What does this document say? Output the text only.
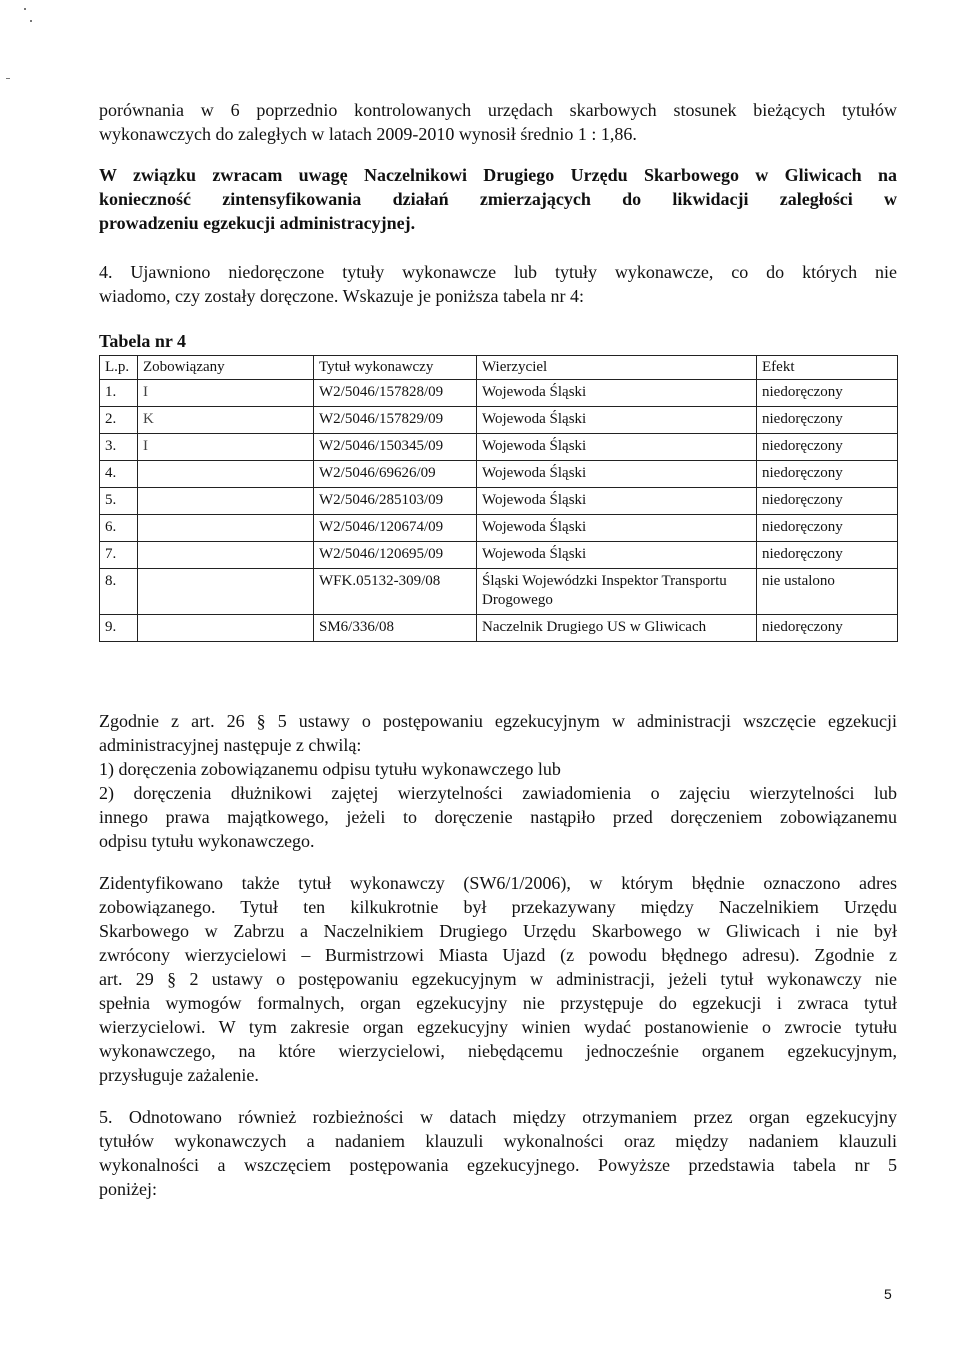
porównania w 6 poprzednio kontrolowanych urzędach skarbowych stosunek bieżących tytułów
wykonawczych do zaległych w latach 2009-2010 wynosił średnio 1 : 1,86.
W związku zwracam uwagę Naczelnikowi Drugiego Urzędu Skarbowego w Gliwicach na
konieczność zintensyfikowania działań zmierzających do likwidacji zaległości w
prowadzeniu egzekucji administracyjnej.
4. Ujawniono niedoręczone tytuły wykonawcze lub tytuły wykonawcze, co do których nie
wiadomo, czy zostały doręczone. Wskazuje je poniższa tabela nr 4:
Tabela nr 4
L.p.	Zobowiązany	Tytuł wykonawczy	Wierzyciel	Efekt
1.	I	W2/5046/157828/09	Wojewoda Śląski	niedoręczony
2.	K	W2/5046/157829/09	Wojewoda Śląski	niedoręczony
3.	I	W2/5046/150345/09	Wojewoda Śląski	niedoręczony
4.		W2/5046/69626/09	Wojewoda Śląski	niedoręczony
5.		W2/5046/285103/09	Wojewoda Śląski	niedoręczony
6.		W2/5046/120674/09	Wojewoda Śląski	niedoręczony
7.		W2/5046/120695/09	Wojewoda Śląski	niedoręczony
8.		WFK.05132-309/08	Śląski Wojewódzki Inspektor Transportu Drogowego	nie ustalono
9.		SM6/336/08	Naczelnik Drugiego US w Gliwicach	niedoręczony
Zgodnie z art. 26 § 5 ustawy o postępowaniu egzekucyjnym w administracji wszczęcie egzekucji
administracyjnej następuje z chwilą:
1) doręczenia zobowiązanemu odpisu tytułu wykonawczego lub
2) doręczenia dłużnikowi zajętej wierzytelności zawiadomienia o zajęciu wierzytelności lub
innego prawa majątkowego, jeżeli to doręczenie nastąpiło przed doręczeniem zobowiązanemu
odpisu tytułu wykonawczego.
Zidentyfikowano także tytuł wykonawczy (SW6/1/2006), w którym błędnie oznaczono adres
zobowiązanego. Tytuł ten kilkukrotnie był przekazywany między Naczelnikiem Urzędu
Skarbowego w Zabrzu a Naczelnikiem Drugiego Urzędu Skarbowego w Gliwicach i nie był
zwrócony wierzycielowi – Burmistrzowi Miasta Ujazd (z powodu błędnego adresu). Zgodnie z
art. 29 § 2 ustawy o postępowaniu egzekucyjnym w administracji, jeżeli tytuł wykonawczy nie
spełnia wymogów formalnych, organ egzekucyjny nie przystępuje do egzekucji i zwraca tytuł
wierzycielowi. W tym zakresie organ egzekucyjny winien wydać postanowienie o zwrocie tytułu
wykonawczego, na które wierzycielowi, niebędącemu jednocześnie organem egzekucyjnym,
przysługuje zażalenie.
5. Odnotowano również rozbieżności w datach między otrzymaniem przez organ egzekucyjny
tytułów wykonawczych a nadaniem klauzuli wykonalności oraz między nadaniem klauzuli
wykonalności a wszczęciem postępowania egzekucyjnego. Powyższe przedstawia tabela nr 5
poniżej:
5
